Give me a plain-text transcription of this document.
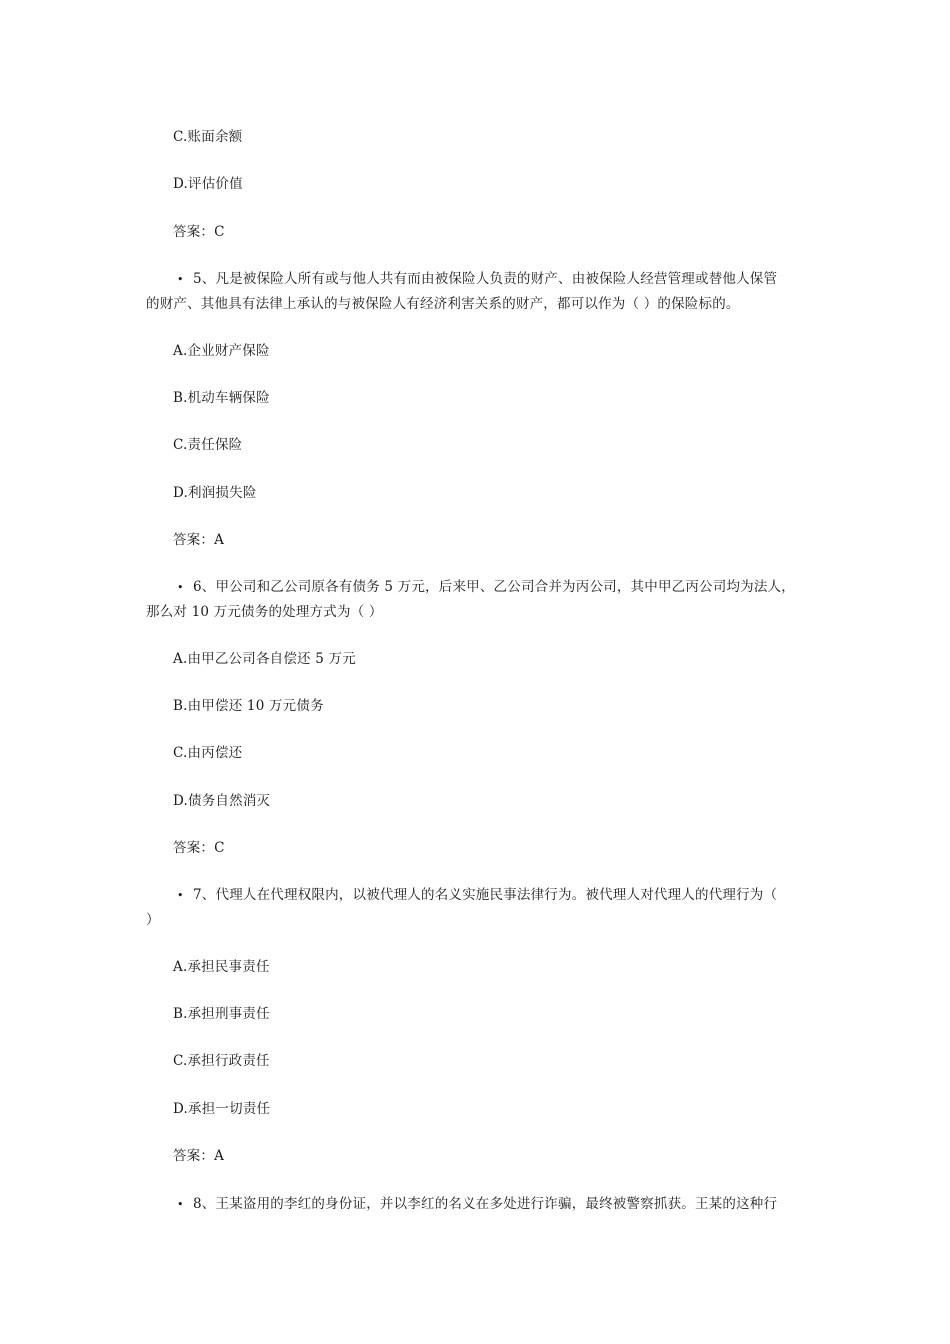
C.账面余额
D.评估价值
答案：C
• 5、凡是被保险人所有或与他人共有而由被保险人负责的财产、由被保险人经营管理或替他人保管
的财产、其他具有法律上承认的与被保险人有经济利害关系的财产，都可以作为（ ）的保险标的。
A.企业财产保险
B.机动车辆保险
C.责任保险
D.利润损失险
答案：A
• 6、甲公司和乙公司原各有债务 5 万元，后来甲、乙公司合并为丙公司，其中甲乙丙公司均为法人，
那么对 10 万元债务的处理方式为（ ）
A.由甲乙公司各自偿还 5 万元
B.由甲偿还 10 万元债务
C.由丙偿还
D.债务自然消灭
答案：C
• 7、代理人在代理权限内，以被代理人的名义实施民事法律行为。被代理人对代理人的代理行为（
）
A.承担民事责任
B.承担刑事责任
C.承担行政责任
D.承担一切责任
答案：A
• 8、王某盗用的李红的身份证，并以李红的名义在多处进行诈骗，最终被警察抓获。王某的这种行
